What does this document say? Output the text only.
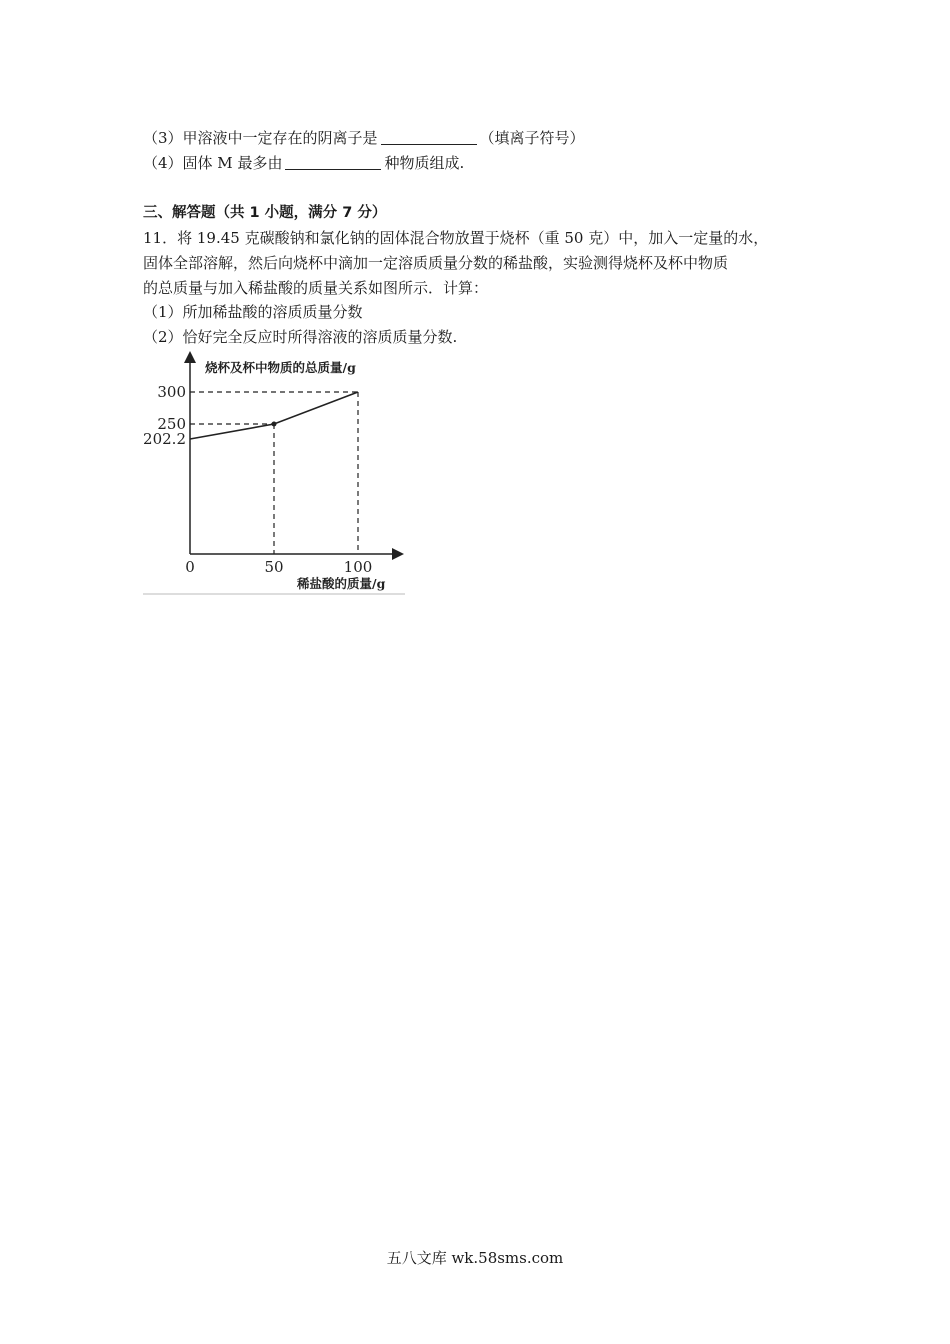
（3）甲溶液中一定存在的阴离子是	（填离子符号）
（4）固体 M 最多由	种物质组成.
三、解答题（共 1 小题，满分 7 分）
11．将 19.45 克碳酸钠和氯化钠的固体混合物放置于烧杯（重 50 克）中，加入一定量的水，
固体全部溶解，然后向烧杯中滴加一定溶质质量分数的稀盐酸，实验测得烧杯及杯中物质
的总质量与加入稀盐酸的质量关系如图所示．计算：
（1）所加稀盐酸的溶质质量分数
（2）恰好完全反应时所得溶液的溶质质量分数.
烧杯及杯中物质的总质量/g
稀盐酸的质量/g
202.2
250
300
0	50	100
五八文库 wk.58sms.com
